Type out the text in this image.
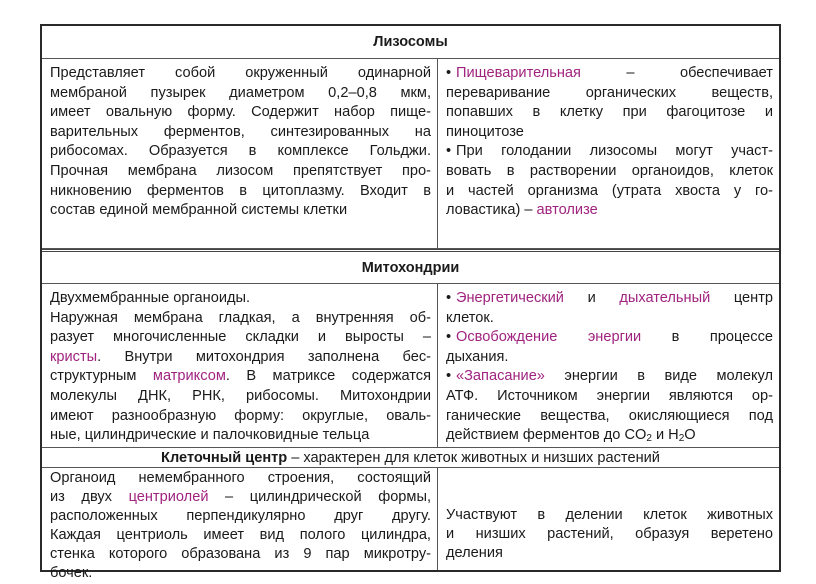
Лизосомы
Представляет собой окруженный одинарной
мембраной пузырек диаметром 0,2–0,8 мкм,
имеет овальную форму. Содержит набор пище-
варительных ферментов, синтезированных на
рибосомах. Образуется в комплексе Гольджи.
Прочная мембрана лизосом препятствует про-
никновению ферментов в цитоплазму. Входит в
состав единой мембранной системы клетки
• Пищеварительная – обеспечивает
переваривание органических веществ,
попавших в клетку при фагоцитозе и
пиноцитозе
• При голодании лизосомы могут участ-
вовать в растворении органоидов, клеток
и частей организма (утрата хвоста у го-
ловастика) – автолизе
Митохондрии
Двухмембранные органоиды.
Наружная мембрана гладкая, а внутренняя об-
разует многочисленные складки и выросты –
кристы. Внутри митохондрия заполнена бес-
структурным матриксом. В матриксе содержатся
молекулы ДНК, РНК, рибосомы. Митохондрии
имеют разнообразную форму: округлые, оваль-
ные, цилиндрические и палочковидные тельца
• Энергетический и дыхательный центр
клеток.
• Освобождение энергии в процессе
дыхания.
• «Запасание» энергии в виде молекул
АТФ. Источником энергии являются ор-
ганические вещества, окисляющиеся под
действием ферментов до $CO_2$ и $H_2O$
Клеточный центр – характерен для клеток животных и низших растений
Органоид немембранного строения, состоящий
из двух центриолей – цилиндрической формы,
расположенных перпендикулярно друг другу.
Каждая центриоль имеет вид полого цилиндра,
стенка которого образована из 9 пар микротру-
бочек.
Участвуют в делении клеток животных
и низших растений, образуя веретено
деления
